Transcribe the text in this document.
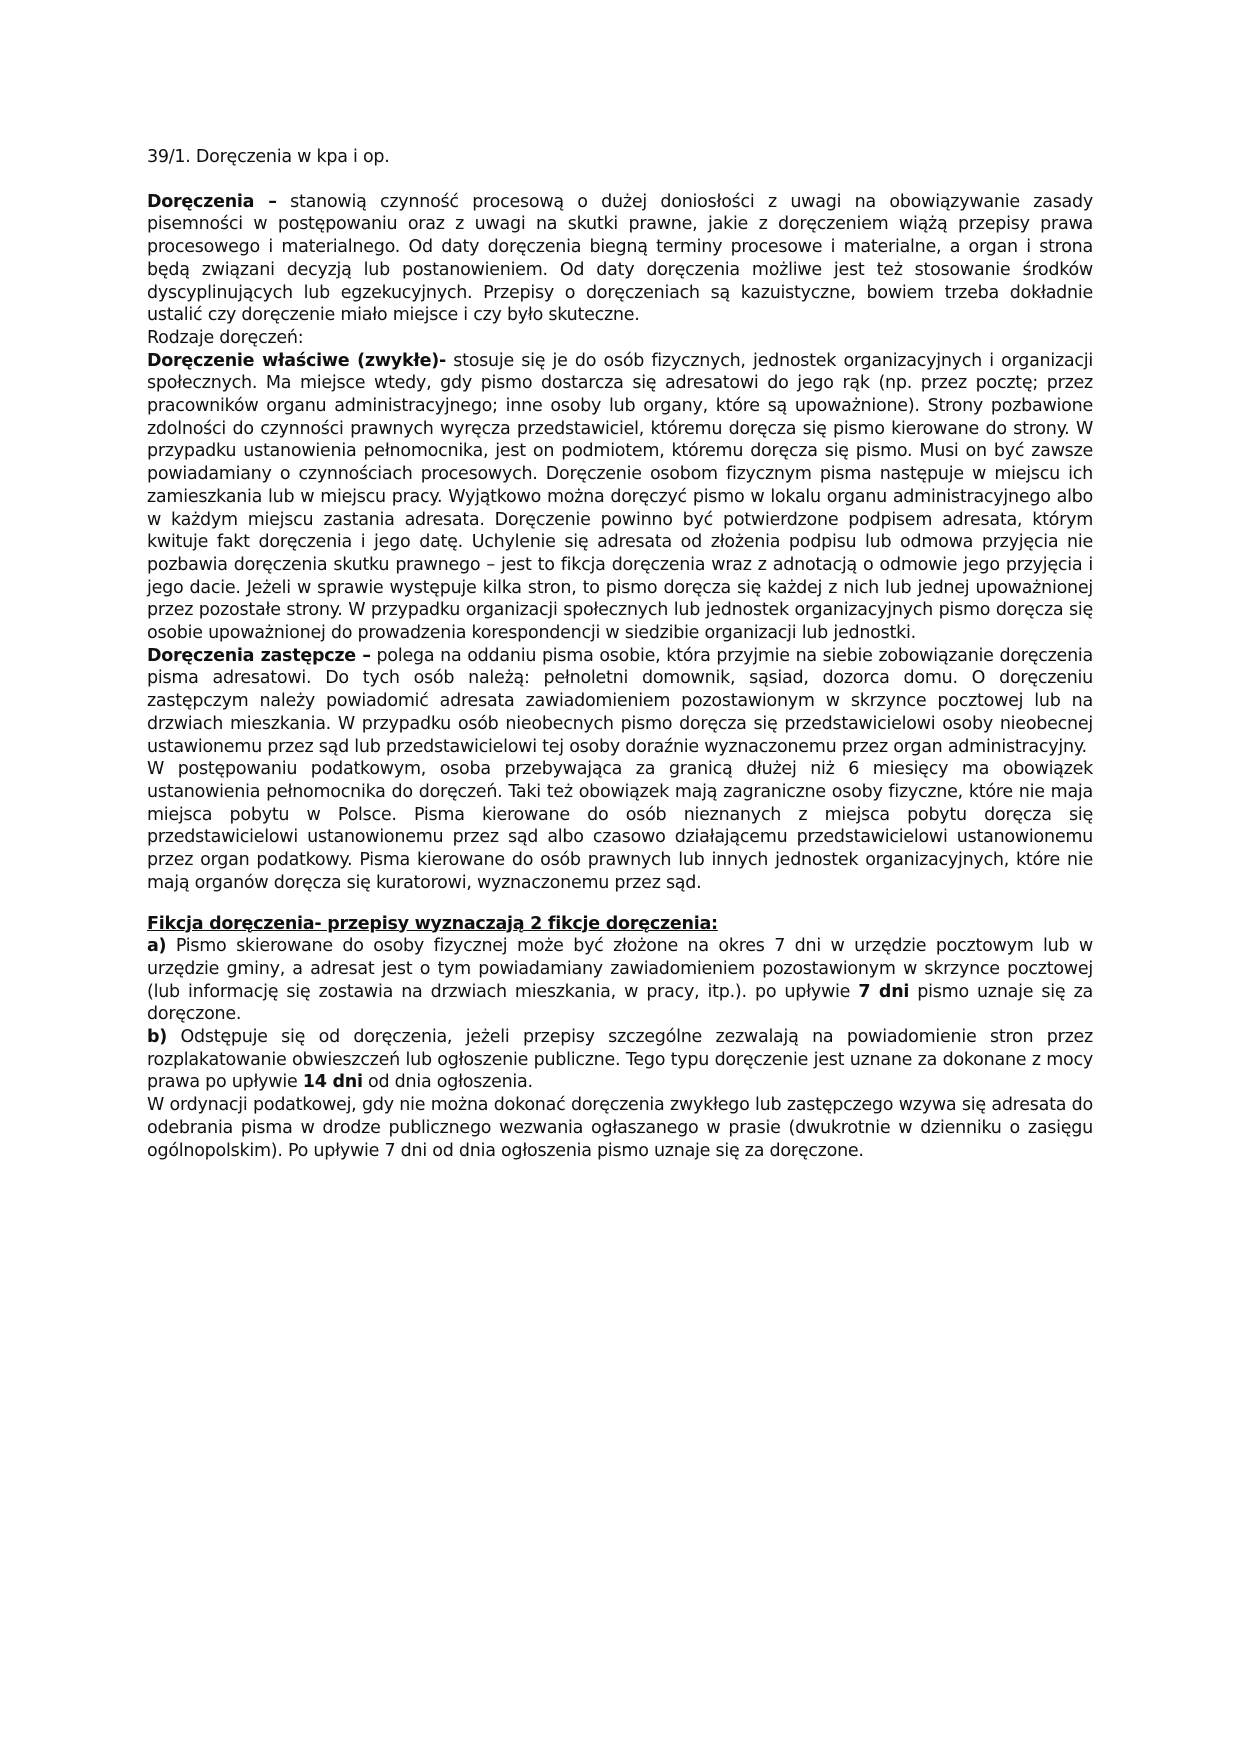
39/1. Doręczenia w kpa i op.

Doręczenia – stanowią czynność procesową o dużej doniosłości z uwagi na obowiązywanie zasady pisemności w postępowaniu oraz z uwagi na skutki prawne, jakie z doręczeniem wiążą przepisy prawa procesowego i materialnego. Od daty doręczenia biegną terminy procesowe i materialne, a organ i strona będą związani decyzją lub postanowieniem. Od daty doręczenia możliwe jest też stosowanie środków dyscyplinujących lub egzekucyjnych. Przepisy o doręczeniach są kazuistyczne, bowiem trzeba dokładnie ustalić czy doręczenie miało miejsce i czy było skuteczne.

Rodzaje doręczeń:

Doręczenie właściwe (zwykłe)- stosuje się je do osób fizycznych, jednostek organizacyjnych i organizacji społecznych. Ma miejsce wtedy, gdy pismo dostarcza się adresatowi do jego rąk (np. przez pocztę; przez pracowników organu administracyjnego; inne osoby lub organy, które są upoważnione). Strony pozbawione zdolności do czynności prawnych wyręcza przedstawiciel, któremu doręcza się pismo kierowane do strony. W przypadku ustanowienia pełnomocnika, jest on podmiotem, któremu doręcza się pismo. Musi on być zawsze powiadamiany o czynnościach procesowych. Doręczenie osobom fizycznym pisma następuje w miejscu ich zamieszkania lub w miejscu pracy. Wyjątkowo można doręczyć pismo w lokalu organu administracyjnego albo w każdym miejscu zastania adresata. Doręczenie powinno być potwierdzone podpisem adresata, którym kwituje fakt doręczenia i jego datę. Uchylenie się adresata od złożenia podpisu lub odmowa przyjęcia nie pozbawia doręczenia skutku prawnego – jest to fikcja doręczenia wraz z adnotacją o odmowie jego przyjęcia i jego dacie. Jeżeli w sprawie występuje kilka stron, to pismo doręcza się każdej z nich lub jednej upoważnionej przez pozostałe strony. W przypadku organizacji społecznych lub jednostek organizacyjnych pismo doręcza się osobie upoważnionej do prowadzenia korespondencji w siedzibie organizacji lub jednostki.

Doręczenia zastępcze – polega na oddaniu pisma osobie, która przyjmie na siebie zobowiązanie doręczenia pisma adresatowi. Do tych osób należą: pełnoletni domownik, sąsiad, dozorca domu. O doręczeniu zastępczym należy powiadomić adresata zawiadomieniem pozostawionym w skrzynce pocztowej lub na drzwiach mieszkania. W przypadku osób nieobecnych pismo doręcza się przedstawicielowi osoby nieobecnej ustawionemu przez sąd lub przedstawicielowi tej osoby doraźnie wyznaczonemu przez organ administracyjny.

W postępowaniu podatkowym, osoba przebywająca za granicą dłużej niż 6 miesięcy ma obowiązek ustanowienia pełnomocnika do doręczeń. Taki też obowiązek mają zagraniczne osoby fizyczne, które nie maja miejsca pobytu w Polsce. Pisma kierowane do osób nieznanych z miejsca pobytu doręcza się przedstawicielowi ustanowionemu przez sąd albo czasowo działającemu przedstawicielowi ustanowionemu przez organ podatkowy. Pisma kierowane do osób prawnych lub innych jednostek organizacyjnych, które nie mają organów doręcza się kuratorowi, wyznaczonemu przez sąd.

Fikcja doręczenia- przepisy wyznaczają 2 fikcje doręczenia:

a) Pismo skierowane do osoby fizycznej może być złożone na okres 7 dni w urzędzie pocztowym lub w urzędzie gminy, a adresat jest o tym powiadamiany zawiadomieniem pozostawionym w skrzynce pocztowej (lub informację się zostawia na drzwiach mieszkania, w pracy, itp.). po upływie 7 dni pismo uznaje się za doręczone.

b) Odstępuje się od doręczenia, jeżeli przepisy szczególne zezwalają na powiadomienie stron przez rozplakatowanie obwieszczeń lub ogłoszenie publiczne. Tego typu doręczenie jest uznane za dokonane z mocy prawa po upływie 14 dni od dnia ogłoszenia.

W ordynacji podatkowej, gdy nie można dokonać doręczenia zwykłego lub zastępczego wzywa się adresata do odebrania pisma w drodze publicznego wezwania ogłaszanego w prasie (dwukrotnie w dzienniku o zasięgu ogólnopolskim). Po upływie 7 dni od dnia ogłoszenia pismo uznaje się za doręczone.
